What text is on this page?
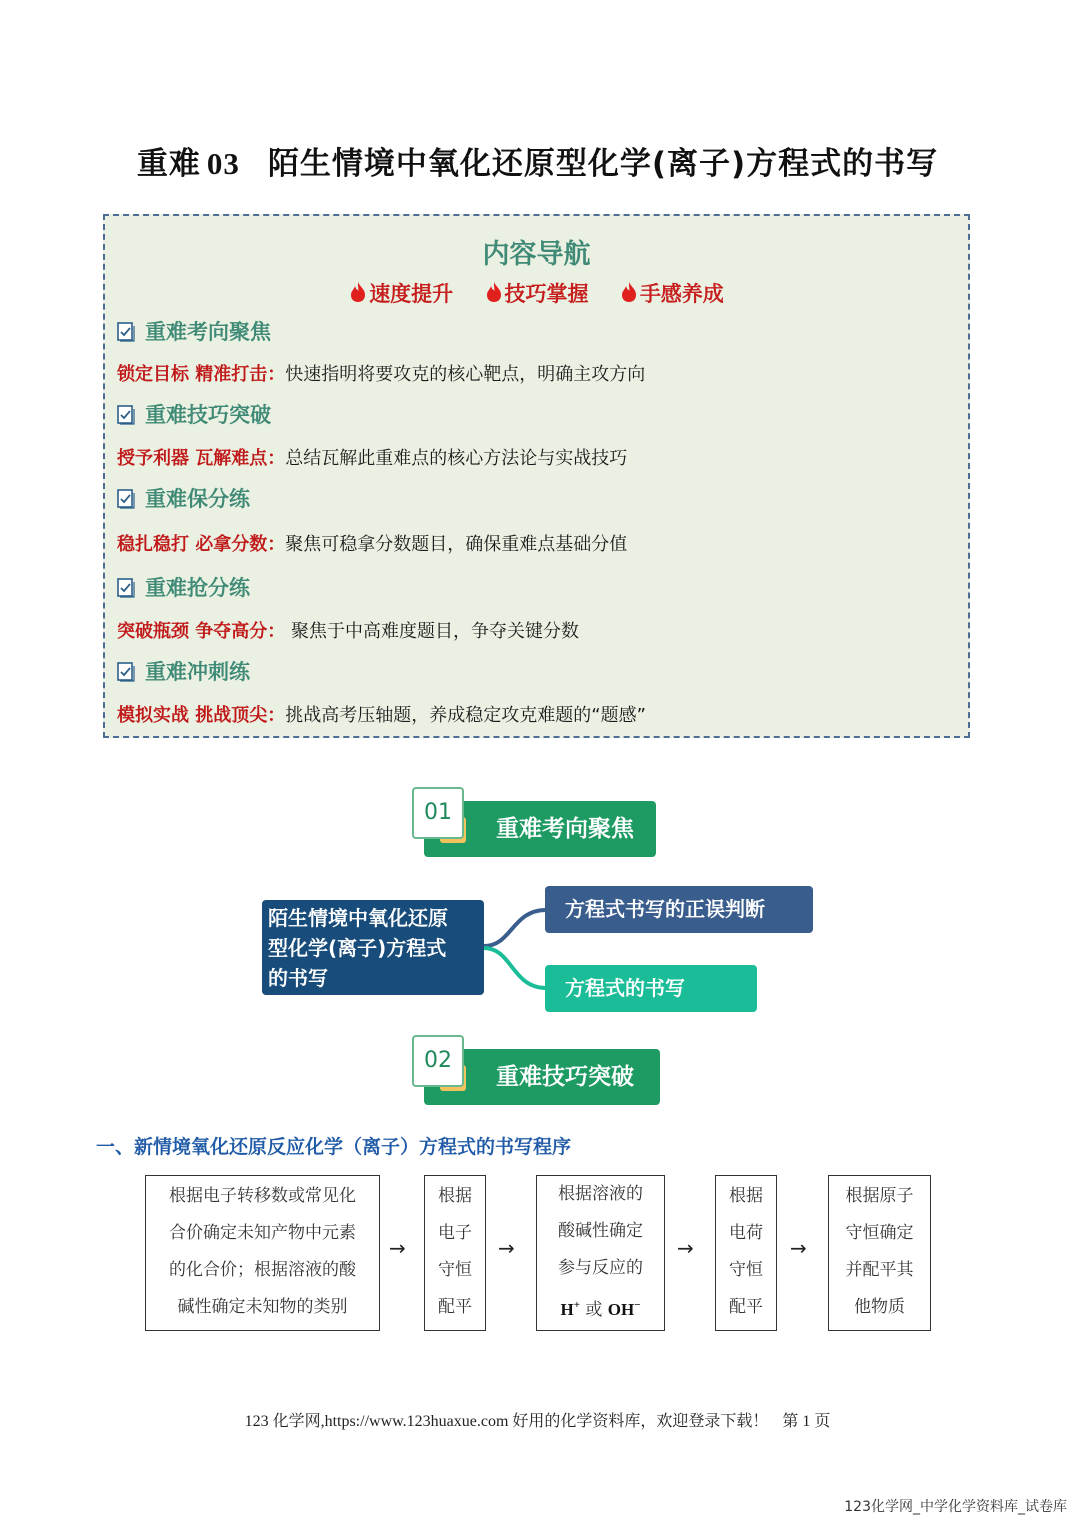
重难 03 陌生情境中氧化还原型化学(离子)方程式的书写
内容导航
速度提升 技巧掌握 手感养成
重难考向聚焦
锁定目标 精准打击：快速指明将要攻克的核心靶点，明确主攻方向
重难技巧突破
授予利器 瓦解难点：总结瓦解此重难点的核心方法论与实战技巧
重难保分练
稳扎稳打 必拿分数：聚焦可稳拿分数题目，确保重难点基础分值
重难抢分练
突破瓶颈 争夺高分： 聚焦于中高难度题目，争夺关键分数
重难冲刺练
模拟实战 挑战顶尖：挑战高考压轴题，养成稳定攻克难题的“题感”
重难考向聚焦
01
陌生情境中氧化还原
型化学(离子)方程式
的书写
方程式书写的正误判断
方程式的书写
重难技巧突破
02
一、新情境氧化还原反应化学（离子）方程式的书写程序
根据电子转移数或常见化
合价确定未知产物中元素
的化合价；根据溶液的酸
碱性确定未知物的类别
→
根据
电子
守恒
配平
→
根据溶液的
酸碱性确定
参与反应的
H+ 或 OH−
→
根据
电荷
守恒
配平
→
根据原子
守恒确定
并配平其
他物质
123 化学网,https://www.123huaxue.com 好用的化学资料库，欢迎登录下载！ 第 1 页
123化学网_中学化学资料库_试卷库
